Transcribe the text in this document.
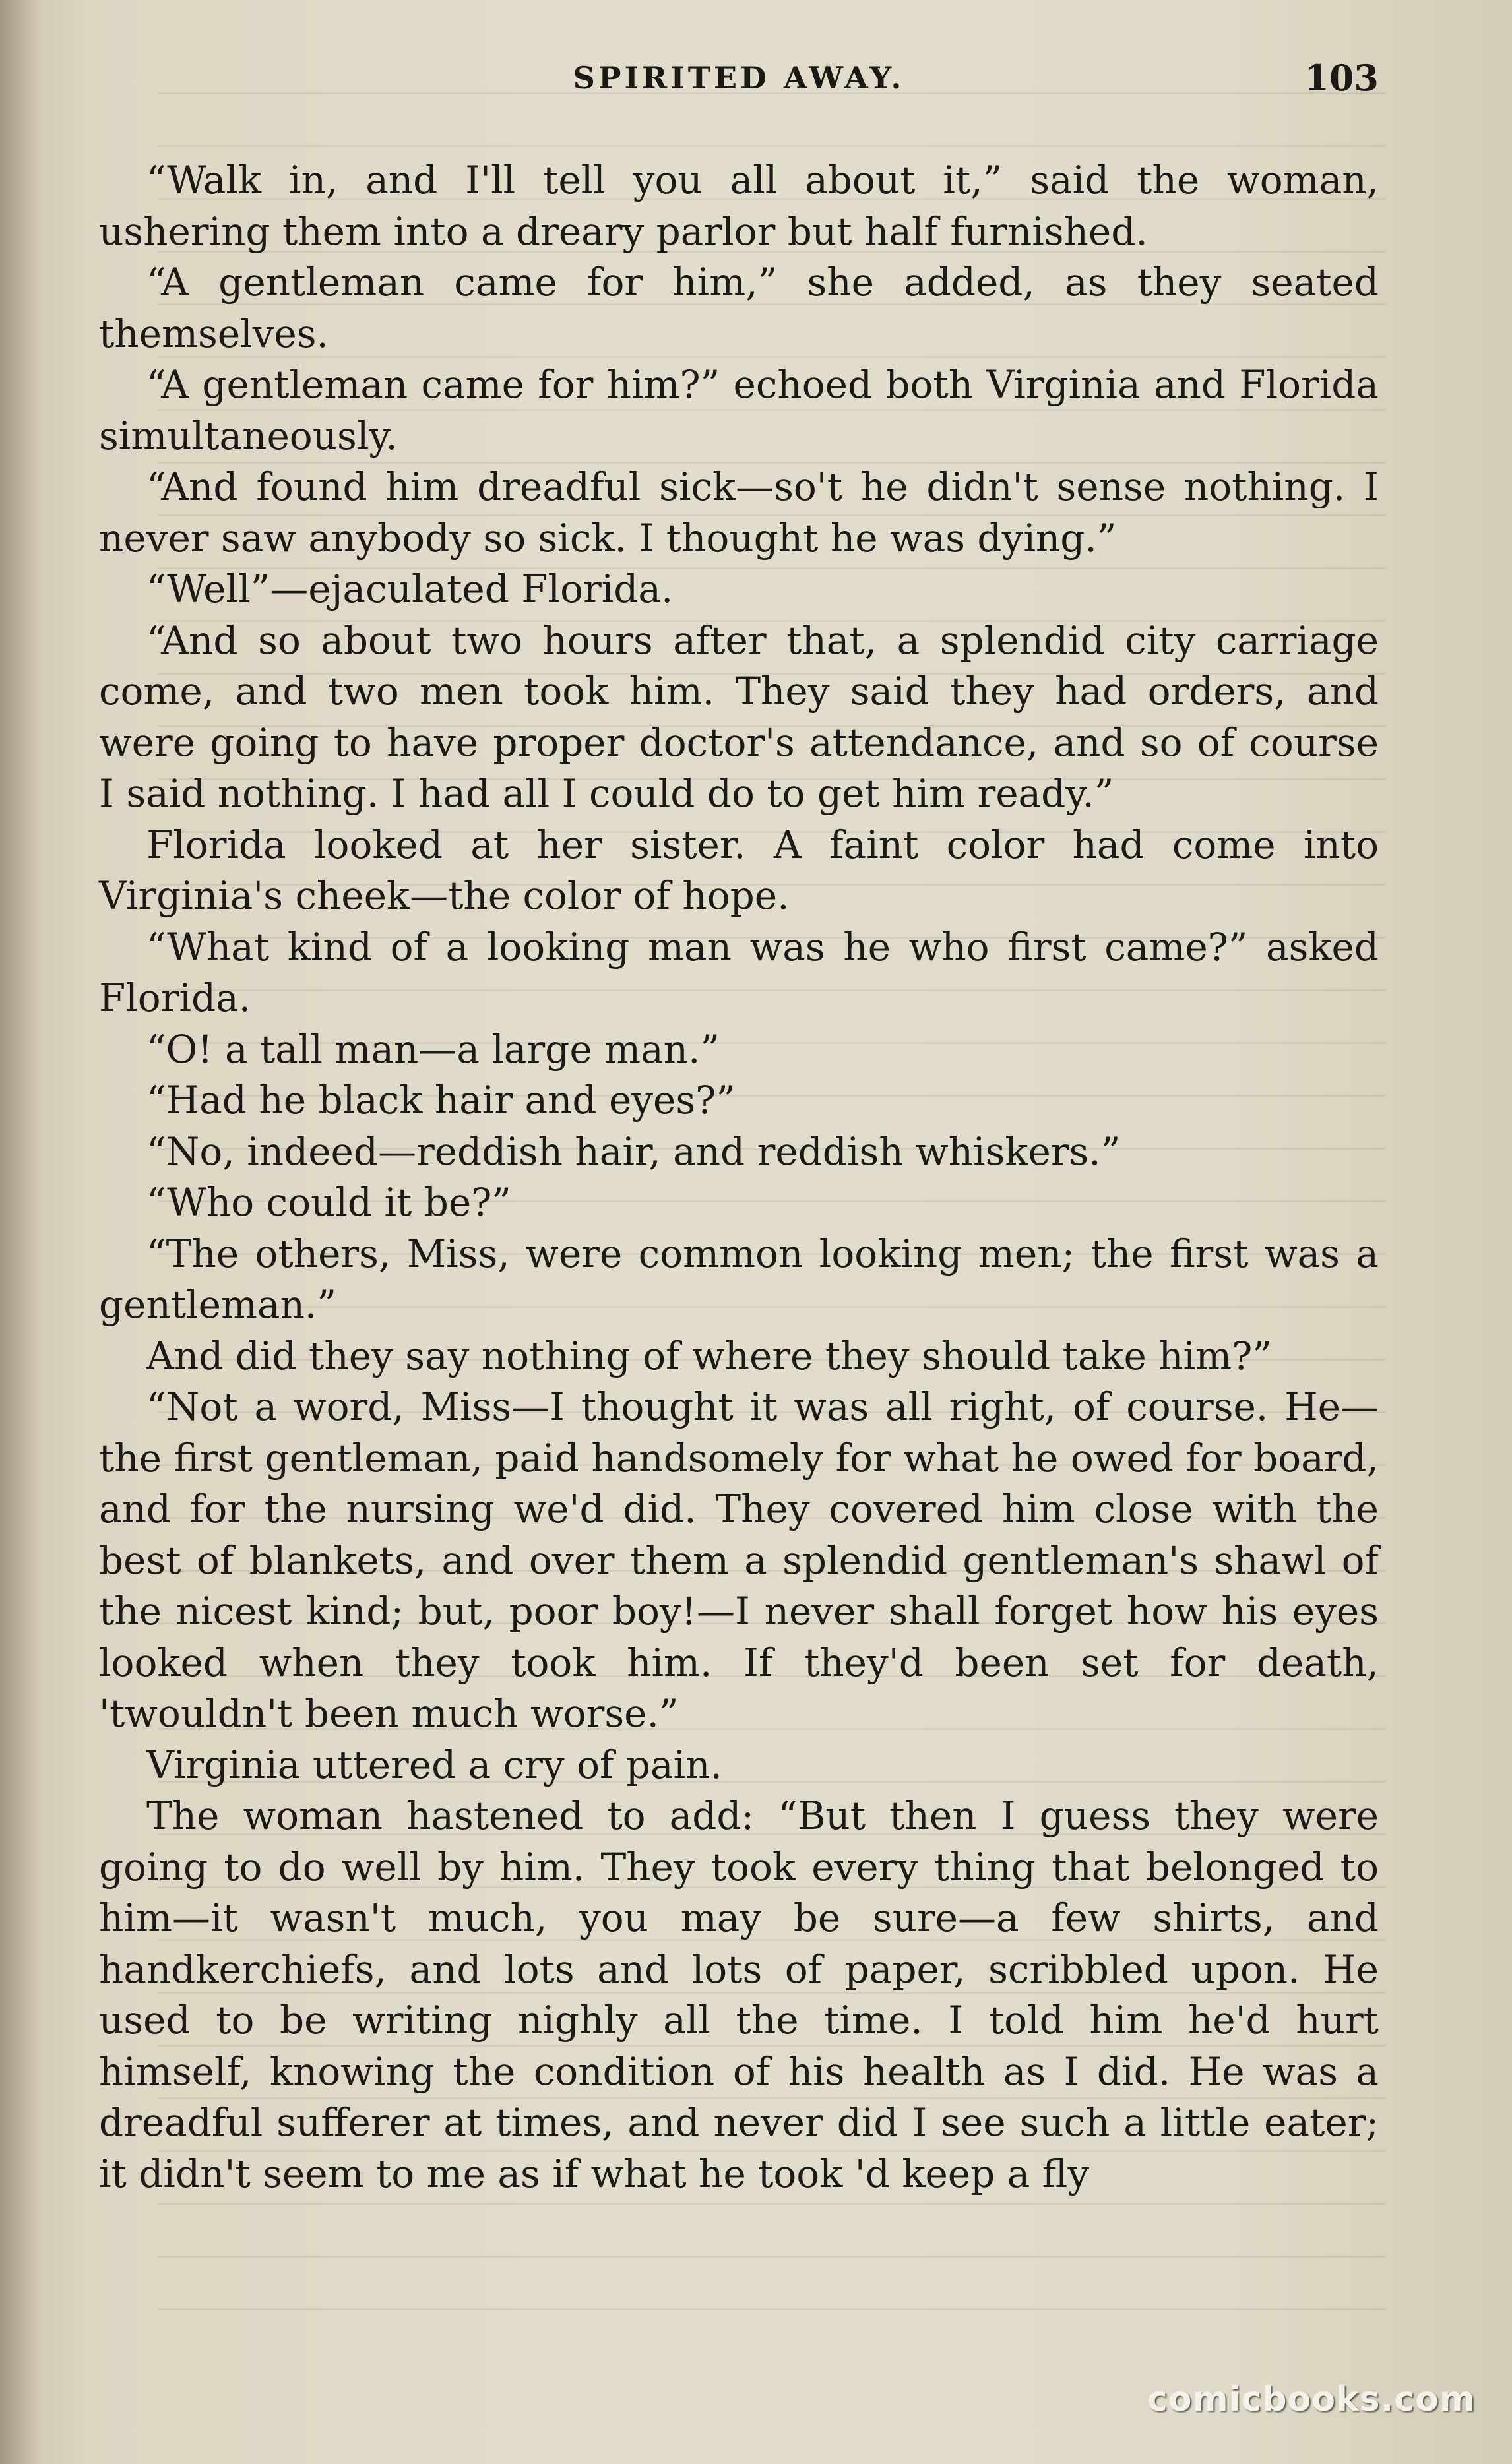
SPIRITED AWAY.	103

“Walk in, and I'll tell you all about it,” said the woman, ushering them into a dreary parlor but half furnished.

“A gentleman came for him,” she added, as they seated themselves.

“A gentleman came for him?” echoed both Virginia and Florida simultaneously.

“And found him dreadful sick—so't he didn't sense nothing. I never saw anybody so sick. I thought he was dying.”

“Well”—ejaculated Florida.

“And so about two hours after that, a splendid city carriage come, and two men took him. They said they had orders, and were going to have proper doctor's attendance, and so of course I said nothing. I had all I could do to get him ready.”

Florida looked at her sister. A faint color had come into Virginia's cheek—the color of hope.

“What kind of a looking man was he who first came?” asked Florida.

“O! a tall man—a large man.”

“Had he black hair and eyes?”

“No, indeed—reddish hair, and reddish whiskers.”

“Who could it be?”

“The others, Miss, were common looking men; the first was a gentleman.”

And did they say nothing of where they should take him?”

“Not a word, Miss—I thought it was all right, of course. He—the first gentleman, paid handsomely for what he owed for board, and for the nursing we'd did. They covered him close with the best of blankets, and over them a splendid gentleman's shawl of the nicest kind; but, poor boy!—I never shall forget how his eyes looked when they took him. If they'd been set for death, 'twouldn't been much worse.”

Virginia uttered a cry of pain.

The woman hastened to add: “But then I guess they were going to do well by him. They took every thing that belonged to him—it wasn't much, you may be sure—a few shirts, and handkerchiefs, and lots and lots of paper, scribbled upon. He used to be writing nighly all the time. I told him he'd hurt himself, knowing the condition of his health as I did. He was a dreadful sufferer at times, and never did I see such a little eater; it didn't seem to me as if what he took 'd keep a fly

comicbooks.com
